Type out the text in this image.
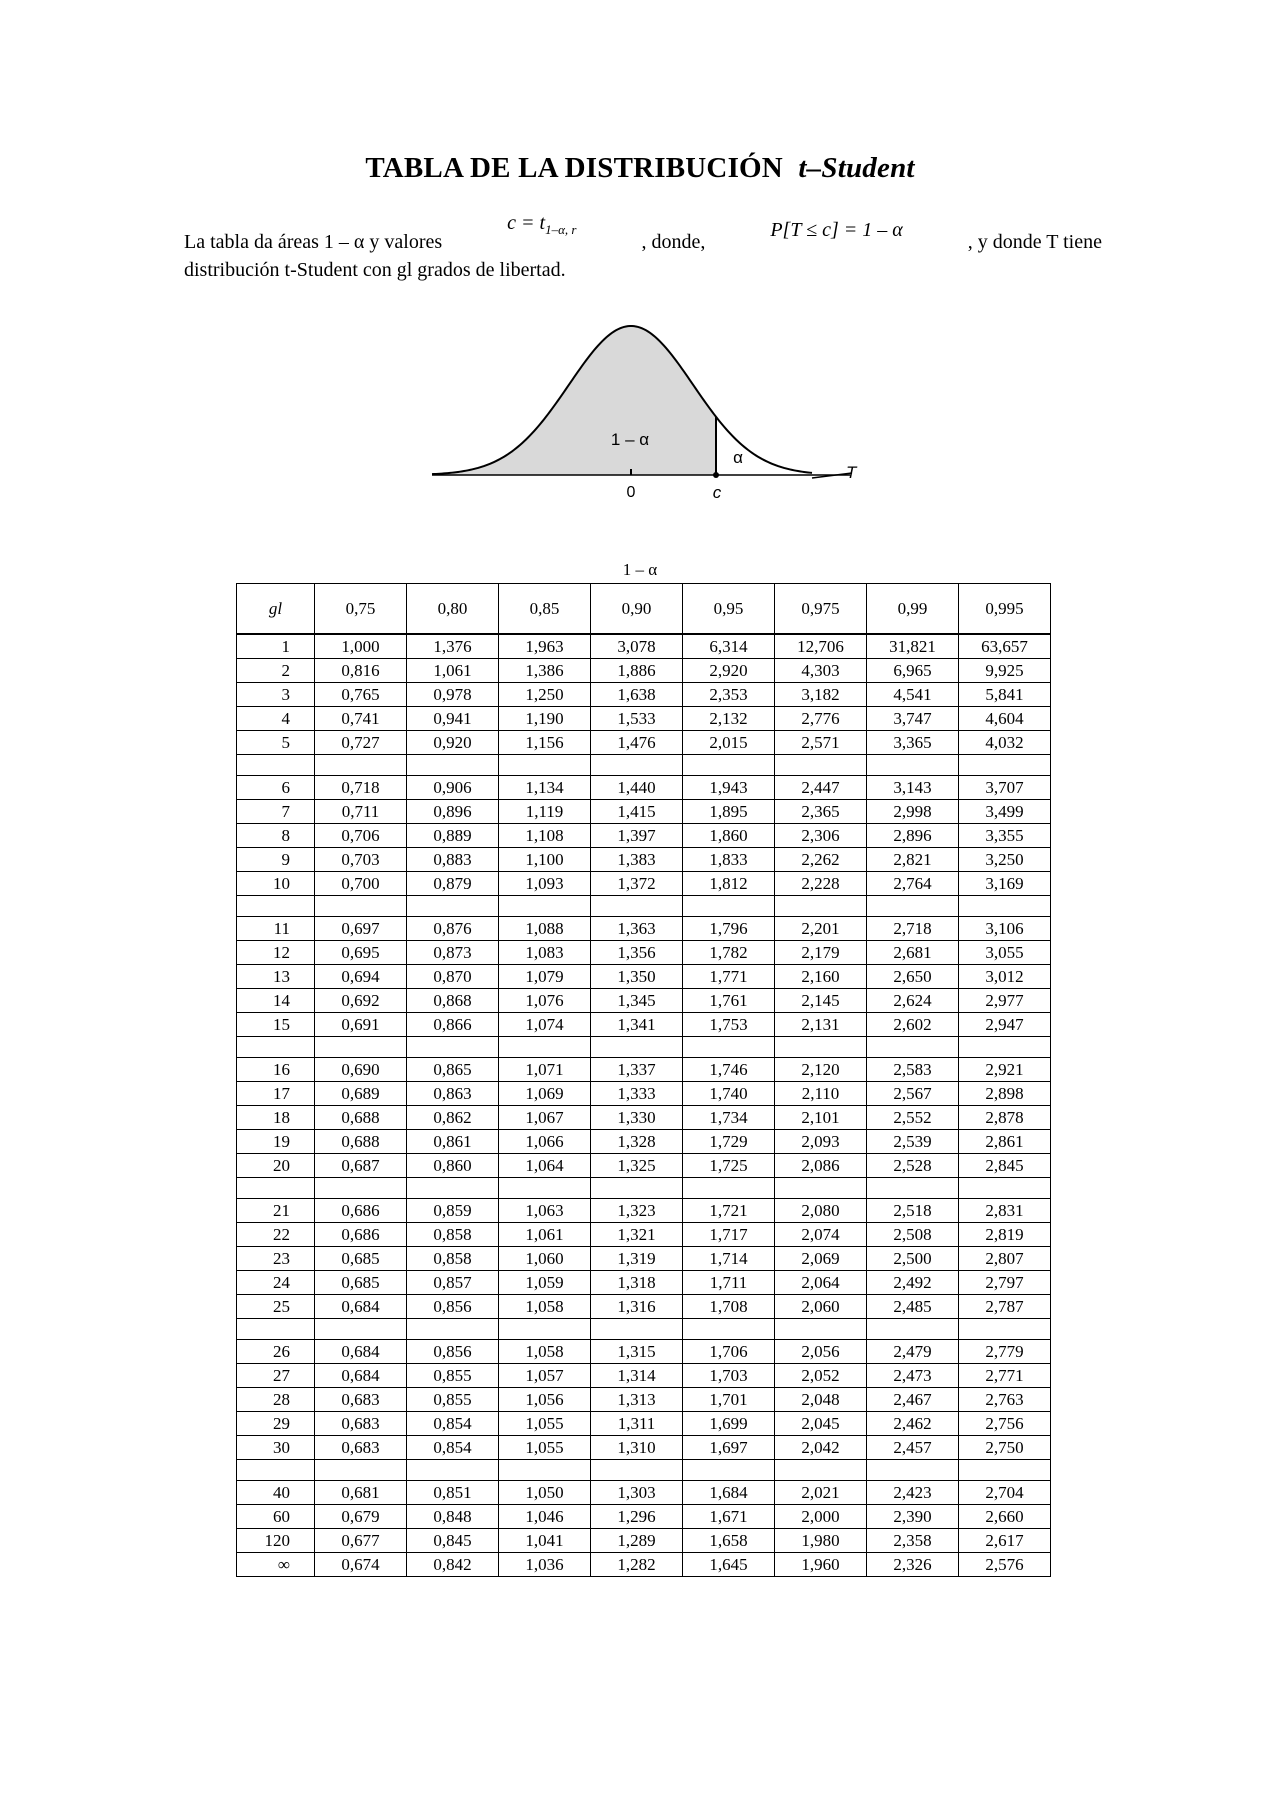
TABLA DE LA DISTRIBUCIÓN t–Student
La tabla da áreas 1 – α y valores
$c = t_{1-\alpha, r}$
, donde,
P[T ≤ c] = 1 – α
, y donde T tiene
distribución t-Student con gl grados de libertad.
1 – α
α
0	c
T
1 – α
gl	0,75	0,80	0,85	0,90	0,95	0,975	0,99	0,995
1	1,000	1,376	1,963	3,078	6,314	12,706	31,821	63,657
2	0,816	1,061	1,386	1,886	2,920	4,303	6,965	9,925
3	0,765	0,978	1,250	1,638	2,353	3,182	4,541	5,841
4	0,741	0,941	1,190	1,533	2,132	2,776	3,747	4,604
5	0,727	0,920	1,156	1,476	2,015	2,571	3,365	4,032

6	0,718	0,906	1,134	1,440	1,943	2,447	3,143	3,707
7	0,711	0,896	1,119	1,415	1,895	2,365	2,998	3,499
8	0,706	0,889	1,108	1,397	1,860	2,306	2,896	3,355
9	0,703	0,883	1,100	1,383	1,833	2,262	2,821	3,250
10	0,700	0,879	1,093	1,372	1,812	2,228	2,764	3,169

11	0,697	0,876	1,088	1,363	1,796	2,201	2,718	3,106
12	0,695	0,873	1,083	1,356	1,782	2,179	2,681	3,055
13	0,694	0,870	1,079	1,350	1,771	2,160	2,650	3,012
14	0,692	0,868	1,076	1,345	1,761	2,145	2,624	2,977
15	0,691	0,866	1,074	1,341	1,753	2,131	2,602	2,947

16	0,690	0,865	1,071	1,337	1,746	2,120	2,583	2,921
17	0,689	0,863	1,069	1,333	1,740	2,110	2,567	2,898
18	0,688	0,862	1,067	1,330	1,734	2,101	2,552	2,878
19	0,688	0,861	1,066	1,328	1,729	2,093	2,539	2,861
20	0,687	0,860	1,064	1,325	1,725	2,086	2,528	2,845

21	0,686	0,859	1,063	1,323	1,721	2,080	2,518	2,831
22	0,686	0,858	1,061	1,321	1,717	2,074	2,508	2,819
23	0,685	0,858	1,060	1,319	1,714	2,069	2,500	2,807
24	0,685	0,857	1,059	1,318	1,711	2,064	2,492	2,797
25	0,684	0,856	1,058	1,316	1,708	2,060	2,485	2,787

26	0,684	0,856	1,058	1,315	1,706	2,056	2,479	2,779
27	0,684	0,855	1,057	1,314	1,703	2,052	2,473	2,771
28	0,683	0,855	1,056	1,313	1,701	2,048	2,467	2,763
29	0,683	0,854	1,055	1,311	1,699	2,045	2,462	2,756
30	0,683	0,854	1,055	1,310	1,697	2,042	2,457	2,750

40	0,681	0,851	1,050	1,303	1,684	2,021	2,423	2,704
60	0,679	0,848	1,046	1,296	1,671	2,000	2,390	2,660
120	0,677	0,845	1,041	1,289	1,658	1,980	2,358	2,617
∞	0,674	0,842	1,036	1,282	1,645	1,960	2,326	2,576
